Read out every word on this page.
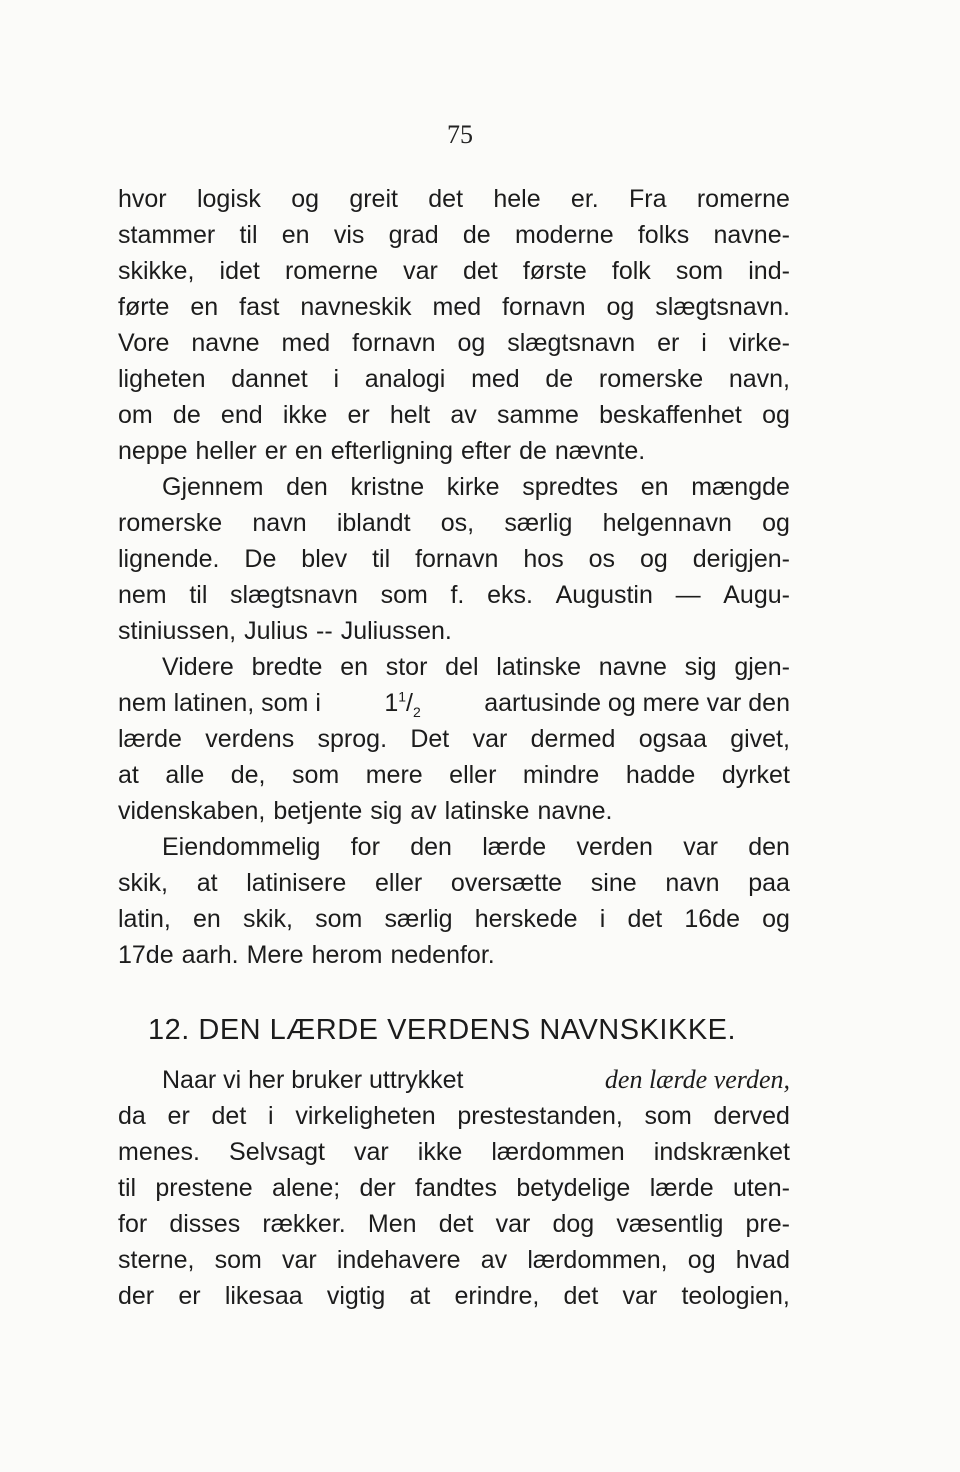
75
hvor logisk og greit det hele er. Fra romerne
stammer til en vis grad de moderne folks navne-
skikke, idet romerne var det første folk som ind-
førte en fast navneskik med fornavn og slægtsnavn.
Vore navne med fornavn og slægtsnavn er i virke-
ligheten dannet i analogi med de romerske navn,
om de end ikke er helt av samme beskaffenhet og
neppe heller er en efterligning efter de nævnte.
Gjennem den kristne kirke spredtes en mængde
romerske navn iblandt os, særlig helgennavn og
lignende. De blev til fornavn hos os og derigjen-
nem til slægtsnavn som f. eks. Augustin — Augu-
stiniussen, Julius -- Juliussen.
Videre bredte en stor del latinske navne sig gjen-
nem latinen, som i	$1^1/_2$	aartusinde og mere var den
lærde verdens sprog. Det var dermed ogsaa givet,
at alle de, som mere eller mindre hadde dyrket
videnskaben, betjente sig av latinske navne.
Eiendommelig for den lærde verden var den
skik, at latinisere eller oversætte sine navn paa
latin, en skik, som særlig herskede i det 16de og
17de aarh. Mere herom nedenfor.
12. DEN LÆRDE VERDENS NAVNSKIKKE.
Naar vi her bruker uttrykket	den lærde verden,
da er det i virkeligheten prestestanden, som derved
menes. Selvsagt var ikke lærdommen indskrænket
til prestene alene; der fandtes betydelige lærde uten-
for disses rækker. Men det var dog væsentlig pre-
sterne, som var indehavere av lærdommen, og hvad
der er likesaa vigtig at erindre, det var teologien,
